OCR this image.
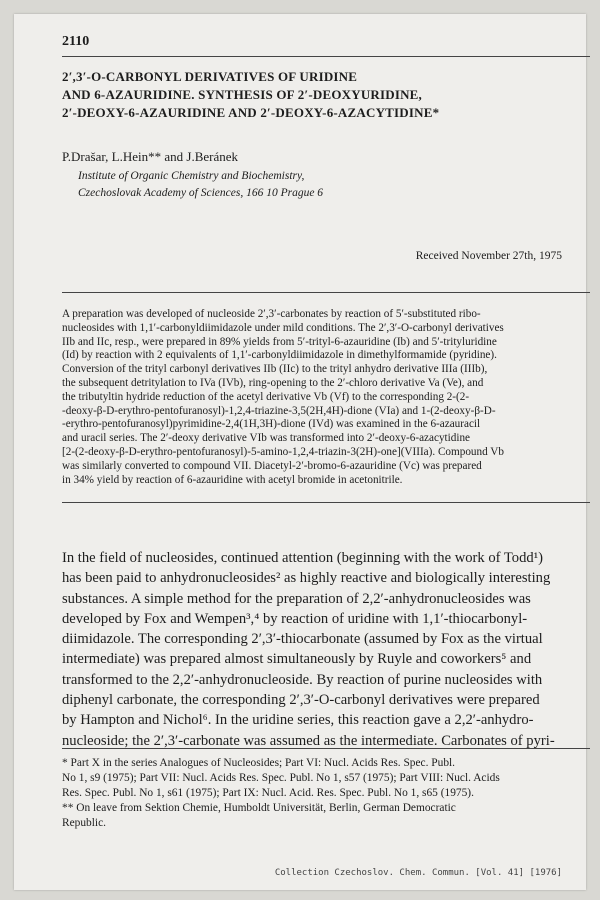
2110
2′,3′-O-CARBONYL DERIVATIVES OF URIDINE
AND 6-AZAURIDINE. SYNTHESIS OF 2′-DEOXYURIDINE,
2′-DEOXY-6-AZAURIDINE AND 2′-DEOXY-6-AZACYTIDINE*
P.Drašar, L.Hein** and J.Beránek
Institute of Organic Chemistry and Biochemistry,
Czechoslovak Academy of Sciences, 166 10 Prague 6
Received November 27th, 1975
A preparation was developed of nucleoside 2′,3′-carbonates by reaction of 5′-substituted ribo-
nucleosides with 1,1′-carbonyldiimidazole under mild conditions. The 2′,3′-O-carbonyl derivatives
IIb and IIc, resp., were prepared in 89% yields from 5′-trityl-6-azauridine (Ib) and 5′-trityluridine
(Id) by reaction with 2 equivalents of 1,1′-carbonyldiimidazole in dimethylformamide (pyridine).
Conversion of the trityl carbonyl derivatives IIb (IIc) to the trityl anhydro derivative IIIa (IIIb),
the subsequent detritylation to IVa (IVb), ring-opening to the 2′-chloro derivative Va (Ve), and
the tributyltin hydride reduction of the acetyl derivative Vb (Vf) to the corresponding 2-(2-
-deoxy-β-D-erythro-pentofuranosyl)-1,2,4-triazine-3,5(2H,4H)-dione (VIa) and 1-(2-deoxy-β-D-
-erythro-pentofuranosyl)pyrimidine-2,4(1H,3H)-dione (IVd) was examined in the 6-azauracil
and uracil series. The 2′-deoxy derivative VIb was transformed into 2′-deoxy-6-azacytidine
[2-(2-deoxy-β-D-erythro-pentofuranosyl)-5-amino-1,2,4-triazin-3(2H)-one](VIIIa). Compound Vb
was similarly converted to compound VII. Diacetyl-2′-bromo-6-azauridine (Vc) was prepared
in 34% yield by reaction of 6-azauridine with acetyl bromide in acetonitrile.
In the field of nucleosides, continued attention (beginning with the work of Todd¹)
has been paid to anhydronucleosides² as highly reactive and biologically interesting
substances. A simple method for the preparation of 2,2′-anhydronucleosides was
developed by Fox and Wempen³,⁴ by reaction of uridine with 1,1′-thiocarbonyl-
diimidazole. The corresponding 2′,3′-thiocarbonate (assumed by Fox as the virtual
intermediate) was prepared almost simultaneously by Ruyle and coworkers⁵ and
transformed to the 2,2′-anhydronucleoside. By reaction of purine nucleosides with
diphenyl carbonate, the corresponding 2′,3′-O-carbonyl derivatives were prepared
by Hampton and Nichol⁶. In the uridine series, this reaction gave a 2,2′-anhydro-
nucleoside; the 2′,3′-carbonate was assumed as the intermediate. Carbonates of pyri-
* Part X in the series Analogues of Nucleosides; Part VI: Nucl. Acids Res. Spec. Publ.
No 1, s9 (1975); Part VII: Nucl. Acids Res. Spec. Publ. No 1, s57 (1975); Part VIII: Nucl. Acids
Res. Spec. Publ. No 1, s61 (1975); Part IX: Nucl. Acid. Res. Spec. Publ. No 1, s65 (1975).
** On leave from Sektion Chemie, Humboldt Universität, Berlin, German Democratic
Republic.
Collection Czechoslov. Chem. Commun. [Vol. 41] [1976]
